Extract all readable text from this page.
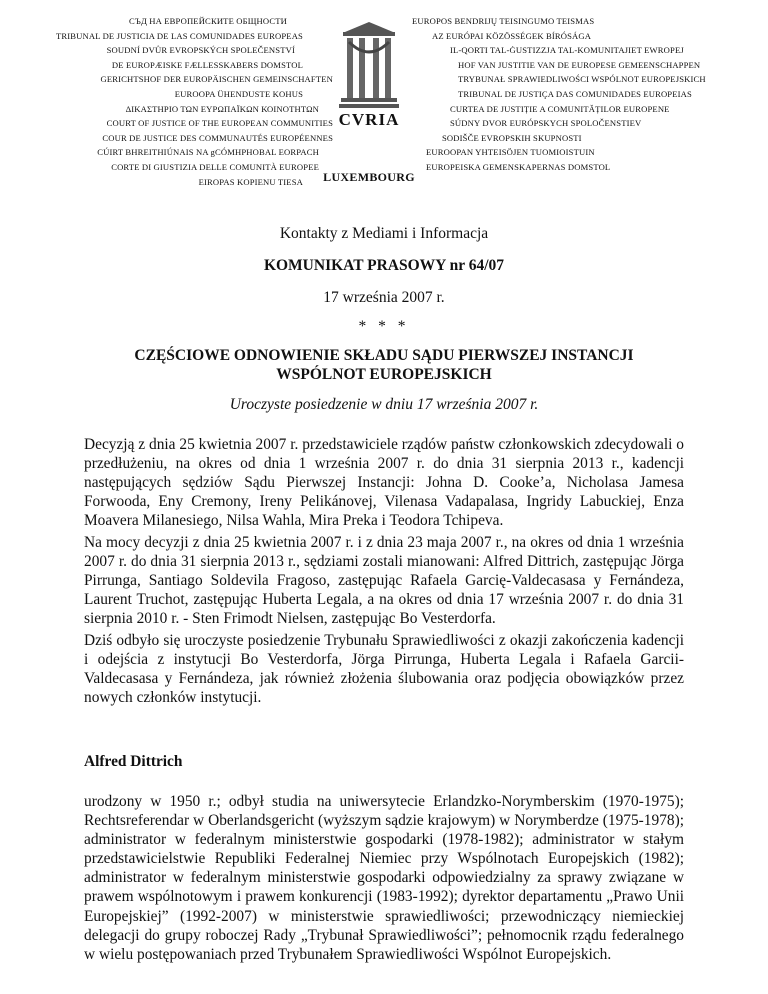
СЪД НА ЕВРОПЕЙСКИТЕ ОБЩНОСТИ
TRIBUNAL DE JUSTICIA DE LAS COMUNIDADES EUROPEAS
SOUDNÍ DVŮR EVROPSKÝCH SPOLEČENSTVÍ
DE EUROPÆISKE FÆLLESSKABERS DOMSTOL
GERICHTSHOF DER EUROPÄISCHEN GEMEINSCHAFTEN
EUROOPA ÜHENDUSTE KOHUS
ΔΙΚΑΣΤΗΡΙΟ ΤΩΝ ΕΥΡΩΠΑΪΚΩΝ ΚΟΙΝΟΤΗΤΩΝ
COURT OF JUSTICE OF THE EUROPEAN COMMUNITIES
COUR DE JUSTICE DES COMMUNAUTÉS EUROPÉENNES
CÚIRT BHREITHIÚNAIS NA gCÓMHPHOBAL EORPACH
CORTE DI GIUSTIZIA DELLE COMUNITÀ EUROPEE
EIROPAS KOPIENU TIESA
CVRIA
LUXEMBOURG
EUROPOS BENDRIJŲ TEISINGUMO TEISMAS
AZ EURÓPAI KÖZÖSSÉGEK BÍRÓSÁGA
IL-QORTI TAL-ĠUSTIZZJA TAL-KOMUNITAJIET EWROPEJ
HOF VAN JUSTITIE VAN DE EUROPESE GEMEENSCHAPPEN
TRYBUNAŁ SPRAWIEDLIWOŚCI WSPÓLNOT EUROPEJSKICH
TRIBUNAL DE JUSTIÇA DAS COMUNIDADES EUROPEIAS
CURTEA DE JUSTIȚIE A COMUNITĂȚILOR EUROPENE
SÚDNY DVOR EURÓPSKYCH SPOLOČENSTIEV
SODIŠČE EVROPSKIH SKUPNOSTI
EUROOPAN YHTEISÖJEN TUOMIOISTUIN
EUROPEISKA GEMENSKAPERNAS DOMSTOL
Kontakty z Mediami i Informacja
KOMUNIKAT PRASOWY nr 64/07
17 września 2007 r.
* * *
CZĘŚCIOWE ODNOWIENIE SKŁADU SĄDU PIERWSZEJ INSTANCJI
WSPÓLNOT EUROPEJSKICH
Uroczyste posiedzenie w dniu 17 września 2007 r.
Decyzją z dnia 25 kwietnia 2007 r. przedstawiciele rządów państw członkowskich zdecydowali o przedłużeniu, na okres od dnia 1 września 2007 r. do dnia 31 sierpnia 2013 r., kadencji następujących sędziów Sądu Pierwszej Instancji: Johna D. Cooke’a, Nicholasa Jamesa Forwooda, Eny Cremony, Ireny Pelikánovej, Vilenasa Vadapalasa, Ingridy Labuckiej, Enza Moavera Milanesiego, Nilsa Wahla, Mira Preka i Teodora Tchipeva.
Na mocy decyzji z dnia 25 kwietnia 2007 r. i z dnia 23 maja 2007 r., na okres od dnia 1 września 2007 r. do dnia 31 sierpnia 2013 r., sędziami zostali mianowani: Alfred Dittrich, zastępując Jörga Pirrunga, Santiago Soldevila Fragoso, zastępując Rafaela Garcię-Valdecasasa y Fernándeza, Laurent Truchot, zastępując Huberta Legala, a na okres od dnia 17 września 2007 r. do dnia 31 sierpnia 2010 r. - Sten Frimodt Nielsen, zastępując Bo Vesterdorfa.
Dziś odbyło się uroczyste posiedzenie Trybunału Sprawiedliwości z okazji zakończenia kadencji i odejścia z instytucji Bo Vesterdorfa, Jörga Pirrunga, Huberta Legala i Rafaela Garcii-Valdecasasa y Fernándeza, jak również złożenia ślubowania oraz podjęcia obowiązków przez nowych członków instytucji.
Alfred Dittrich
urodzony w 1950 r.; odbył studia na uniwersytecie Erlandzko-Norymberskim (1970-1975); Rechtsreferendar w Oberlandsgericht (wyższym sądzie krajowym) w Norymberdze (1975-1978); administrator w federalnym ministerstwie gospodarki (1978-1982); administrator w stałym przedstawicielstwie Republiki Federalnej Niemiec przy Wspólnotach Europejskich (1982); administrator w federalnym ministerstwie gospodarki odpowiedzialny za sprawy związane w prawem wspólnotowym i prawem konkurencji (1983-1992); dyrektor departamentu „Prawo Unii Europejskiej” (1992-2007) w ministerstwie sprawiedliwości; przewodniczący niemieckiej delegacji do grupy roboczej Rady „Trybunał Sprawiedliwości”; pełnomocnik rządu federalnego w wielu postępowaniach przed Trybunałem Sprawiedliwości Wspólnot Europejskich.
